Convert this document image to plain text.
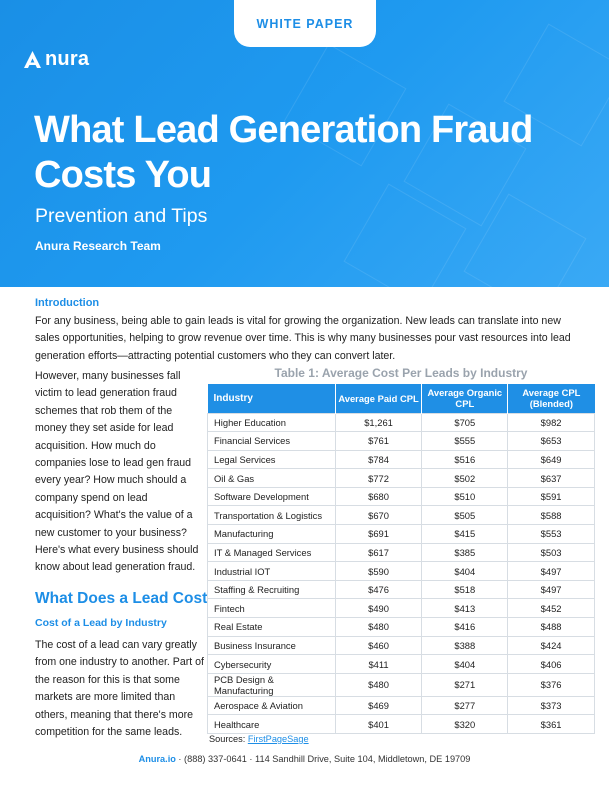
WHITE PAPER
nura
What Lead Generation Fraud
Costs You
Prevention and Tips
Anura Research Team
Introduction
For any business, being able to gain leads is vital for growing the organization. New leads can translate into new sales opportunities, helping to grow revenue over time. This is why many businesses pour vast resources into lead generation efforts—attracting potential customers who they can convert later.
However, many businesses fall victim to lead generation fraud schemes that rob them of the money they set aside for lead acquisition. How much do companies lose to lead gen fraud every year? How much should a company spend on lead acquisition? What's the value of a new customer to your business?
Here's what every business should know about lead generation fraud.
What Does a Lead Cost
Cost of a Lead by Industry
The cost of a lead can vary greatly from one industry to another. Part of the reason for this is that some markets are more limited than others, meaning that there's more competition for the same leads.
Table 1: Average Cost Per Leads by Industry
Industry	Average Paid CPL	Average Organic CPL	Average CPL (Blended)
Higher Education	$1,261	$705	$982
Financial Services	$761	$555	$653
Legal Services	$784	$516	$649
Oil & Gas	$772	$502	$637
Software Development	$680	$510	$591
Transportation & Logistics	$670	$505	$588
Manufacturing	$691	$415	$553
IT & Managed Services	$617	$385	$503
Industrial IOT	$590	$404	$497
Staffing & Recruiting	$476	$518	$497
Fintech	$490	$413	$452
Real Estate	$480	$416	$488
Business Insurance	$460	$388	$424
Cybersecurity	$411	$404	$406
PCB Design & Manufacturing	$480	$271	$376
Aerospace & Aviation	$469	$277	$373
Healthcare	$401	$320	$361
Sources: FirstPageSage
Anura.io · (888) 337-0641 · 114 Sandhill Drive, Suite 104, Middletown, DE 19709
